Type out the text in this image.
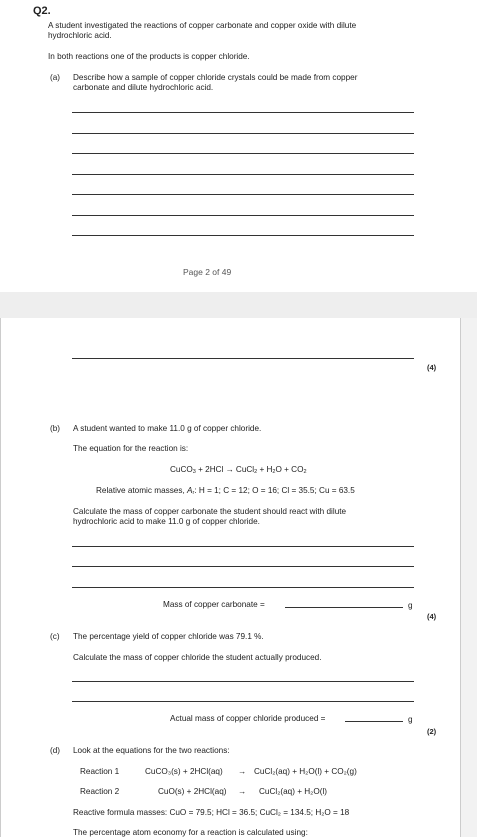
Q2.
A student investigated the reactions of copper carbonate and copper oxide with dilute
hydrochloric acid.
In both reactions one of the products is copper chloride.
(a) Describe how a sample of copper chloride crystals could be made from copper
carbonate and dilute hydrochloric acid.
Page 2 of 49
(4)
(b) A student wanted to make 11.0 g of copper chloride.
The equation for the reaction is:
CuCO3 + 2HCl → CuCl2 + H2O + CO2
Relative atomic masses, Ar: H = 1; C = 12; O = 16; Cl = 35.5; Cu = 63.5
Calculate the mass of copper carbonate the student should react with dilute
hydrochloric acid to make 11.0 g of copper chloride.
Mass of copper carbonate =	g
(4)
(c) The percentage yield of copper chloride was 79.1 %.
Calculate the mass of copper chloride the student actually produced.
Actual mass of copper chloride produced =	g
(2)
(d) Look at the equations for the two reactions:
Reaction 1	CuCO₃(s) + 2HCl(aq) → CuCl₂(aq) + H₂O(l) + CO₂(g)
Reaction 2	CuO(s) + 2HCl(aq) → CuCl₂(aq) + H₂O(l)
Reactive formula masses: CuO = 79.5; HCl = 36.5; CuCl₂ = 134.5; H₂O = 18
The percentage atom economy for a reaction is calculated using:
